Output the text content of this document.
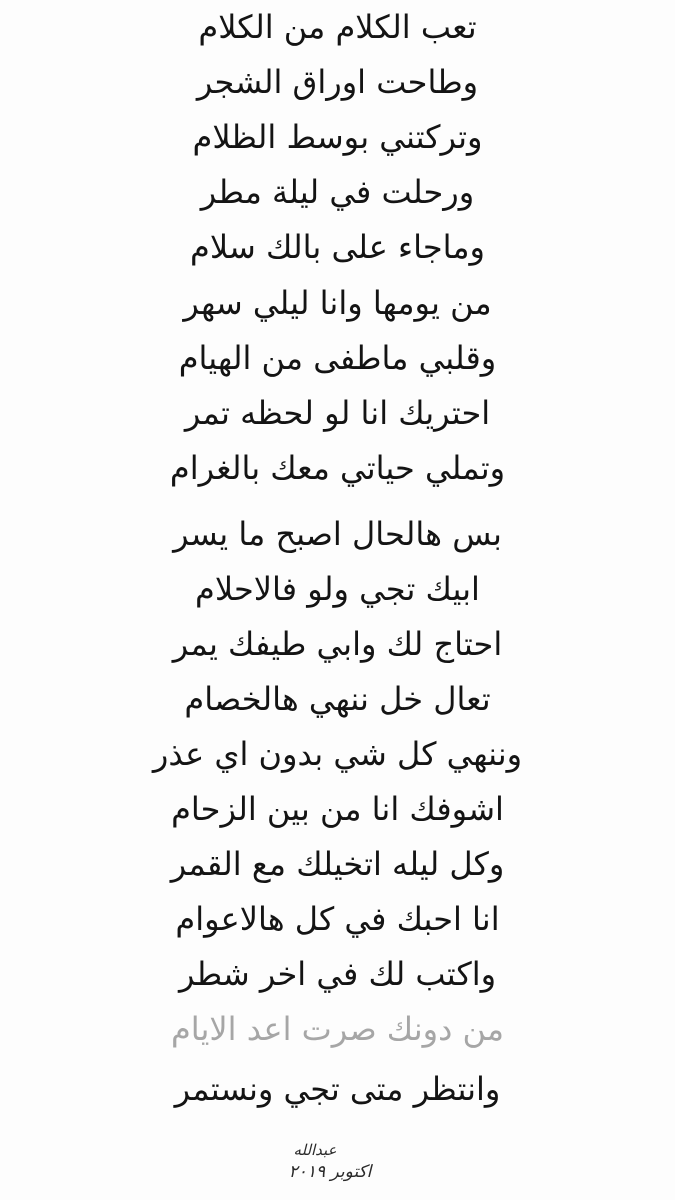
تعب الكلام من الكلام
وطاحت اوراق الشجر
وتركتني بوسط الظلام
ورحلت في ليلة مطر
وماجاء على بالك سلام
من يومها وانا ليلي سهر
وقلبي ماطفى من الهيام
احتريك انا لو لحظه تمر
وتملي حياتي معك بالغرام
بس هالحال اصبح ما يسر
ابيك تجي ولو فالاحلام
احتاج لك وابي طيفك يمر
تعال خل ننهي هالخصام
وننهي كل شي بدون اي عذر
اشوفك انا من بين الزحام
وكل ليله اتخيلك مع القمر
انا احبك في كل هالاعوام
واكتب لك في اخر شطر
من دونك صرت اعد الايام
وانتظر متى تجي ونستمر
عبدالله
اكتوبر ٢٠١٩
